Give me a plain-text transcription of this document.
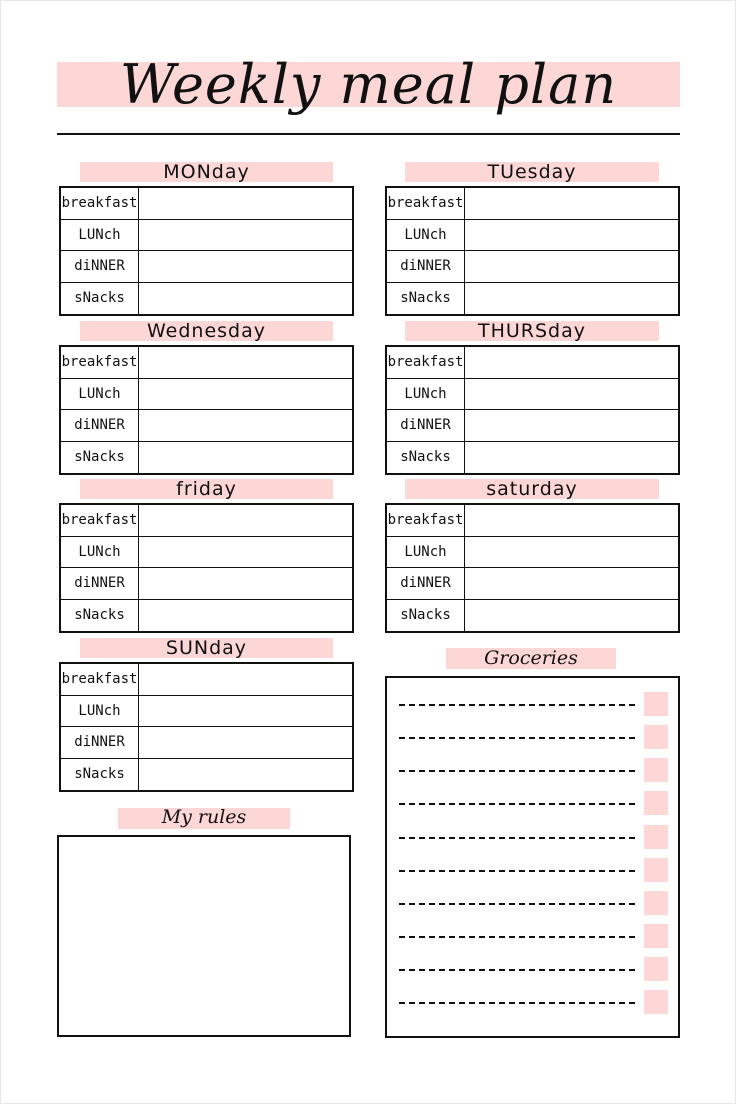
Weekly meal plan
MONday
breakfast
LUNch
diNNER
sNacks
TUesday
breakfast
LUNch
diNNER
sNacks
Wednesday
breakfast
LUNch
diNNER
sNacks
THURSday
breakfast
LUNch
diNNER
sNacks
friday
breakfast
LUNch
diNNER
sNacks
saturday
breakfast
LUNch
diNNER
sNacks
SUNday
breakfast
LUNch
diNNER
sNacks
My rules
Groceries
